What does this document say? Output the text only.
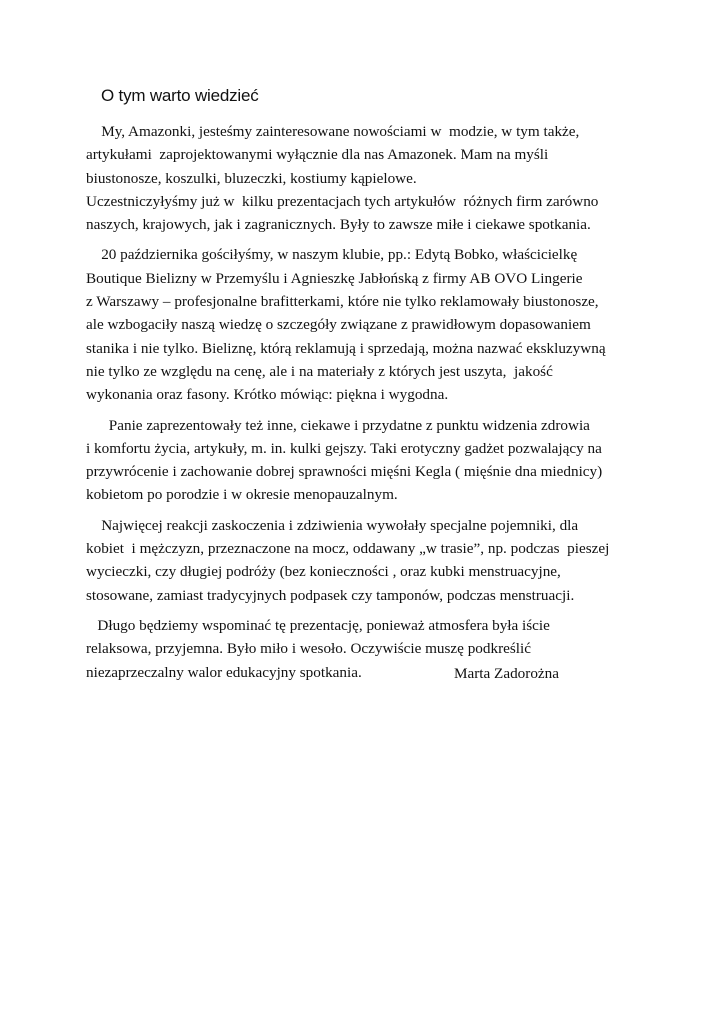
O tym warto wiedzieć

My, Amazonki, jesteśmy zainteresowane nowościami w  modzie, w tym także,
artykułami  zaprojektowanymi wyłącznie dla nas Amazonek. Mam na myśli
biustonosze, koszulki, bluzeczki, kostiumy kąpielowe.
Uczestniczyłyśmy już w  kilku prezentacjach tych artykułów  różnych firm zarówno
naszych, krajowych, jak i zagranicznych. Były to zawsze miłe i ciekawe spotkania.

20 października gościłyśmy, w naszym klubie, pp.: Edytą Bobko, właścicielkę
Boutique Bielizny w Przemyślu i Agnieszkę Jabłońską z firmy AB OVO Lingerie
z Warszawy – profesjonalne brafitterkami, które nie tylko reklamowały biustonosze,
ale wzbogaciły naszą wiedzę o szczegóły związane z prawidłowym dopasowaniem
stanika i nie tylko. Bieliznę, którą reklamują i sprzedają, można nazwać ekskluzywną
nie tylko ze względu na cenę, ale i na materiały z których jest uszyta,  jakość
wykonania oraz fasony. Krótko mówiąc: piękna i wygodna.

Panie zaprezentowały też inne, ciekawe i przydatne z punktu widzenia zdrowia
i komfortu życia, artykuły, m. in. kulki gejszy. Taki erotyczny gadżet pozwalający na
przywrócenie i zachowanie dobrej sprawności mięśni Kegla ( mięśnie dna miednicy)
kobietom po porodzie i w okresie menopauzalnym.

Najwięcej reakcji zaskoczenia i zdziwienia wywołały specjalne pojemniki, dla
kobiet  i mężczyzn, przeznaczone na mocz, oddawany „w trasie”, np. podczas  pieszej
wycieczki, czy długiej podróży (bez konieczności , oraz kubki menstruacyjne,
stosowane, zamiast tradycyjnych podpasek czy tamponów, podczas menstruacji.

Długo będziemy wspominać tę prezentację, ponieważ atmosfera była iście
relaksowa, przyjemna. Było miło i wesoło. Oczywiście muszę podkreślić
niezaprzeczalny walor edukacyjny spotkania.	Marta Zadorożna
